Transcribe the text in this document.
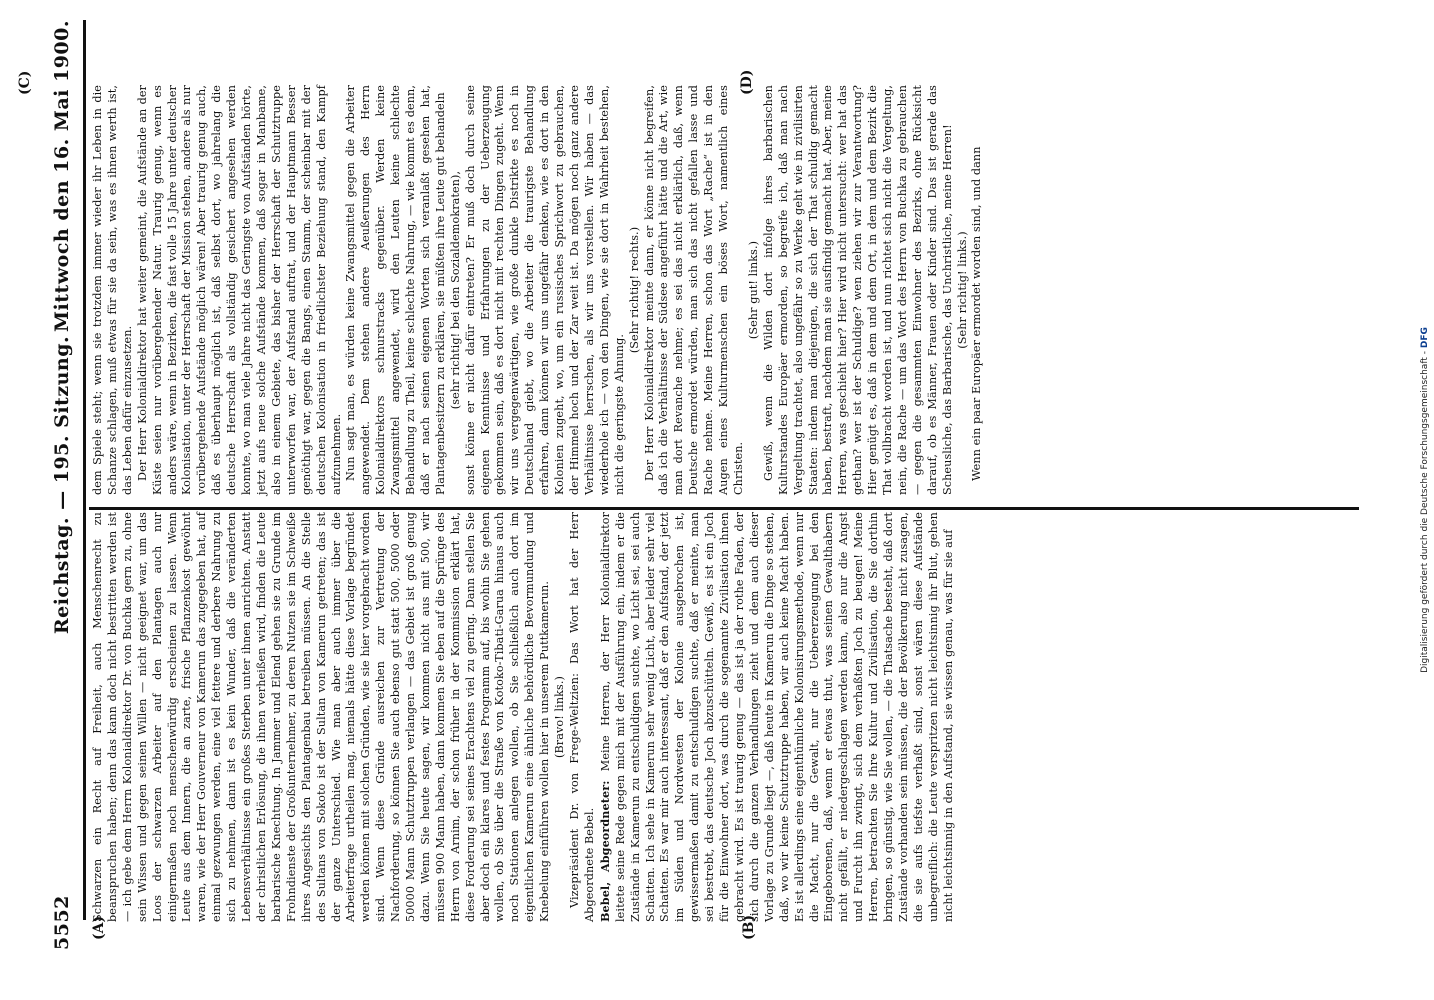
5552
Reichstag. — 195. Sitzung.
Mittwoch den 16. Mai 1900.
(A)	(B)
(C)	(D)

Schwarzen ein Recht auf Freiheit, auch Menschenrecht zu beanspruchen haben; denn das kann doch nicht bestritten werden ist — ich gebe dem Herrn Kolonialdirektor Dr. von Buchka gern zu, ohne sein Wissen und gegen seinen Willen — nicht geeignet war, um das Loos der schwarzen Arbeiter auf den Plantagen auch nur einigermaßen noch menschenwürdig erscheinen zu lassen. Wenn Leute aus dem Innern, die an zarte, frische Pflanzenkost gewöhnt waren, wie der Herr Gouverneur von Kamerun das zugegeben hat, auf einmal gezwungen werden, eine viel fettere und derbere Nahrung zu sich zu nehmen, dann ist es kein Wunder, daß die veränderten Lebensverhältnisse ein großes Sterben unter ihnen anrichten. Anstatt der christlichen Erlösung, die ihnen verheißen wird, finden die Leute barbarische Knechtung. In Jammer und Elend gehen sie zu Grunde im Frohndienste der Großunternehmer, zu deren Nutzen sie im Schweiße ihres Angesichts den Plantagenbau betreiben müssen. An die Stelle des Sultans von Sokoto ist der Sultan von Kamerun getreten; das ist der ganze Unterschied. Wie man aber auch immer über die Arbeiterfrage urtheilen mag, niemals hätte diese Vorlage begründet werden können mit solchen Gründen, wie sie hier vorgebracht worden sind. Wenn diese Gründe ausreichen zur Vertretung der Nachforderung, so können Sie auch ebenso gut statt 500, 5000 oder 50000 Mann Schutztruppen verlangen — das Gebiet ist groß genug dazu. Wenn Sie heute sagen, wir kommen nicht aus mit 500, wir müssen 900 Mann haben, dann kommen Sie eben auf die Sprünge des Herrn von Arnim, der schon früher in der Kommission erklärt hat, diese Forderung sei seines Erachtens viel zu gering. Dann stellen Sie aber doch ein klares und festes Programm auf, bis wohin Sie gehen wollen, ob Sie über die Straße von Kotoko-Tibati-Garua hinaus auch noch Stationen anlegen wollen, ob Sie schließlich auch dort im eigentlichen Kamerun eine ähnliche behördliche Bevormundung und Knebelung einführen wollen hier in unserem Puttkamerun. (Bravo! links.) Vizepräsident Dr. von Frege-Weltzien: Das Wort hat der Herr Abgeordnete Bebel. Bebel, Abgeordneter: Meine Herren, der Herr Kolonialdirektor leitete seine Rede gegen mich mit der Ausführung ein, indem er die Zustände in Kamerun zu entschuldigen suchte, wo Licht sei, sei auch Schatten. Ich sehe in Kamerun sehr wenig Licht, aber leider sehr viel Schatten. Es war mir auch interessant, daß er den Aufstand, der jetzt im Süden und Nordwesten der Kolonie ausgebrochen ist, gewissermaßen damit zu entschuldigen suchte, daß er meinte, man sei bestrebt, das deutsche Joch abzuschütteln. Gewiß, es ist ein Joch für die Einwohner dort, was durch die sogenannte Zivilisation ihnen gebracht wird. Es ist traurig genug — das ist ja der rothe Faden, der sich durch die ganzen Verhandlungen zieht und dem auch dieser Vorlage zu Grunde liegt —, daß heute in Kamerun die Dinge so stehen, daß, wo wir keine Schutztruppe haben, wir auch keine Macht haben. Es ist allerdings eine eigenthümliche Kolonisirungsmethode, wenn nur die Macht, nur die Gewalt, nur die Uebererzeugung bei den Eingeborenen, daß, wenn er etwas thut, was seinen Gewalthabern nicht gefällt, er niedergeschlagen werden kann, also nur die Angst und Furcht ihn zwingt, sich dem verhaßten Joch zu beugen! Meine Herren, betrachten Sie Ihre Kultur und Zivilisation, die Sie dorthin bringen, so günstig, wie Sie wollen, — die Thatsache besteht, daß dort Zustände vorhanden sein müssen, die der Bevölkerung nicht zusagen, die sie aufs tiefste verhaßt sind, sonst wären diese Aufstände unbegreiflich: die Leute verspritzen nicht leichtsinnig ihr Blut, gehen nicht leichtsinnig in den Aufstand, sie wissen genau, was für sie auf

dem Spiele steht; wenn sie trotzdem immer wieder ihr Leben in die Schanze schlagen, muß etwas für sie da sein, was es ihnen werth ist, das Leben dafür einzusetzen. Der Herr Kolonialdirektor hat weiter gemeint, die Aufstände an der Küste seien nur vorübergehender Natur. Traurig genug, wenn es anders wäre, wenn in Bezirken, die fast volle 15 Jahre unter deutscher Kolonisation, unter der Herrschaft der Mission stehen, andere als nur vorübergehende Aufstände möglich wären! Aber traurig genug auch, daß es überhaupt möglich ist, daß selbst dort, wo jahrelang die deutsche Herrschaft als vollständig gesichert angesehen werden konnte, wo man viele Jahre nicht das Geringste von Aufständen hörte, jetzt aufs neue solche Aufstände kommen, daß sogar in Manbame, also in einem Gebiete, das bisher der Herrschaft der Schutztruppe unterworfen war, der Aufstand auftrat, und der Hauptmann Besser genöthigt war, gegen die Bangs, einen Stamm, der scheinbar mit der deutschen Kolonisation in friedlichster Beziehung stand, den Kampf aufzunehmen. Nun sagt man, es würden keine Zwangsmittel gegen die Arbeiter angewendet. Dem stehen andere Aeußerungen des Herrn Kolonialdirektors schnurstracks gegenüber. Werden keine Zwangsmittel angewendet, wird den Leuten keine schlechte Behandlung zu Theil, keine schlechte Nahrung, — wie kommt es denn, daß er nach seinen eigenen Worten sich veranlaßt gesehen hat, Plantagenbesitzern zu erklären, sie müßten ihre Leute gut behandeln (sehr richtig! bei den Sozialdemokraten), sonst könne er nicht dafür eintreten? Er muß doch durch seine eigenen Kenntnisse und Erfahrungen zu der Ueberzeugung gekommen sein, daß es dort nicht mit rechten Dingen zugeht. Wenn wir uns vergegenwärtigen, wie große dunkle Distrikte es noch in Deutschland giebt, wo die Arbeiter die traurigste Behandlung erfahren, dann können wir uns ungefähr denken, wie es dort in den Kolonien zugeht, wo, um ein russisches Sprichwort zu gebrauchen, der Himmel hoch und der Zar weit ist. Da mögen noch ganz andere Verhältnisse herrschen, als wir uns vorstellen. Wir haben — das wiederhole ich — von den Dingen, wie sie dort in Wahrheit bestehen, nicht die geringste Ahnung.

(Sehr richtig! rechts.) Der Herr Kolonialdirektor meinte dann, er könne nicht begreifen, daß ich die Verhältnisse der Südsee angeführt hätte und die Art, wie man dort Revanche nehme; es sei das nicht erklärlich, daß, wenn Deutsche ermordet würden, man sich das nicht gefallen lasse und Rache nehme. Meine Herren, schon das Wort „Rache“ ist in den Augen eines Kulturmenschen ein böses Wort, namentlich eines Christen.

(Sehr gut! links.) Gewiß, wenn die Wilden dort infolge ihres barbarischen Kulturstandes Europäer ermorden, so begreife ich, daß man nach Vergeltung trachtet, also ungefähr so zu Werke geht wie in zivilisirten Staaten: indem man diejenigen, die sich der That schuldig gemacht haben, bestraft, nachdem man sie ausfindig gemacht hat. Aber, meine Herren, was geschieht hier? Hier wird nicht untersucht: wer hat das gethan? wer ist der Schuldige? wen ziehen wir zur Verantwortung? Hier genügt es, daß in dem und dem Ort, in dem und dem Bezirk die That vollbracht worden ist, und nun richtet sich nicht die Vergeltung, nein, die Rache — um das Wort des Herrn von Buchka zu gebrauchen — gegen die gesammten Einwohner des Bezirks, ohne Rücksicht darauf, ob es Männer, Frauen oder Kinder sind. Das ist gerade das Scheusliche, das Barbarische, das Unchristliche, meine Herren! (Sehr richtig! links.) Wenn ein paar Europäer ermordet worden sind, und dann

Digitalisierung gefördert durch die Deutsche Forschungsgemeinschaft - DFG
